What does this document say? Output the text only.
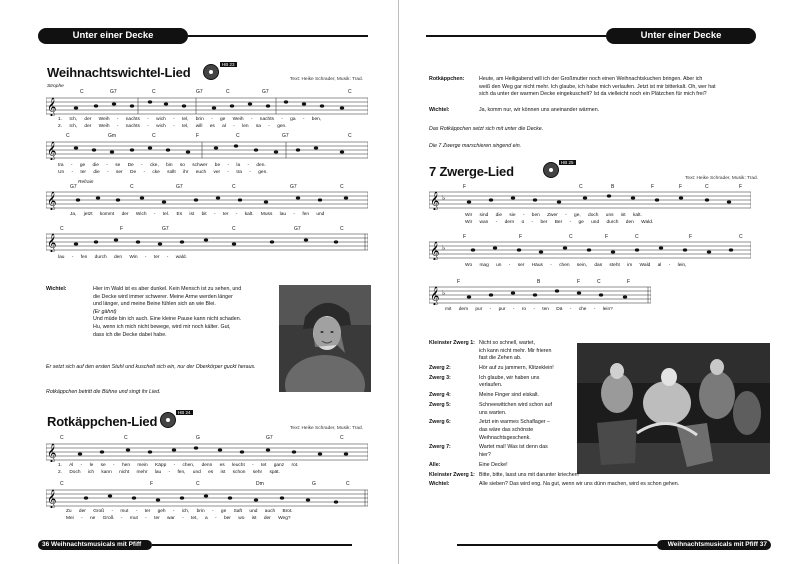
Unter einer Decke
Weihnachtswichtel-Lied
HB 23
Text: Heike Schrader, Musik: Trad.
Strophe
𝄞
C	G7	C	G7	C	G7	C
1. Ich, der Weih - nachts - wich - tel, brin - ge Weih - nachts - ga - ben,
2. Ich, der Weih - nachts - wich - tel, will es al - len sa - gen.
𝄞
C	Gm	C	F	C	G7	C
tra - ge die - se De - cke, bin so schwer be - la - den.
Un - ter die - ser De - cke sollt ihr euch ver - tra - gen.
Refrain
𝄞
G7	C	G7	C	G7	C
Ja, jetzt kommt der Wich - tel. Es ist bit - ter - kalt. Muss lau - fen und
𝄞
C	F	G7	C	G7	C
lau - fen durch den Win - ter - wald.
Wichtel:	Hier im Wald ist es aber dunkel. Kein Mensch ist zu sehen, und
die Decke wird immer schwerer. Meine Arme werden länger
und länger, und meine Beine fühlen sich an wie Blei.
(Er gähnt)
Und müde bin ich auch. Eine kleine Pause kann nicht schaden.
Hu, wenn ich mich nicht bewege, wird mir noch kälter. Gut,
dass ich die Decke dabei habe.
Er setzt sich auf den ersten Stuhl und kuschelt sich ein, nur der Oberkörper guckt heraus.
Rotkäppchen betritt die Bühne und singt ihr Lied.
Rotkäppchen-Lied
HB 24
Text: Heike Schrader, Musik: Trad.
𝄞
C	C	G	G7	C
1. Al - le se - hen mein Käpp - chen, denn es leucht - tet ganz rot.
2. Doch ich kann nicht mehr lau - fen, und es ist schon sehr spät.
𝄞
C	F	C	Dm	G	C
Zu der Groß - mut - ter geh - ich, brin - ge Saft und auch Brot.
Mei - ne Groß - mut - ter war - tet, a - ber wo ist der Weg?
36 Weihnachtsmusicals mit Pfiff
Unter einer Decke
Rotkäppchen:	Heute, am Heiligabend will ich der Großmutter noch einen Weihnachtskuchen bringen. Aber ich
weiß den Weg gar nicht mehr. Ich glaube, ich habe mich verlaufen. Jetzt ist mir bitterkalt. Oh, wer hat
sich da unter der warmen Decke eingekuschelt? Ist da vielleicht noch ein Plätzchen für mich frei?
Wichtel:	Ja, komm nur, wir können uns aneinander wärmen.
Das Rotkäppchen setzt sich mit unter die Decke.
Die 7 Zwerge marschieren singend ein.
7 Zwerge-Lied
HB 25
Text: Heike Schrader, Musik: Trad.
𝄞 ♭
F	C	B	F	F	C	F
Wir sind die sie - ben Zwer - ge, doch uns ist kalt.
Wir wan - dern ü - ber Ber - ge und durch den Wald.
𝄞 ♭
F	F	C	F	C	F	C
Wo mag un - ser Häus - chen sein, das steht im Wald al - lein,
𝄞 ♭
F	B	F	C	F
mit dem pur - pur - ro - ten Dä - che - lein?
Weihnachtsmusicals mit Pfiff 37
Kleinster Zwerg 1: Nicht so schnell, wartet,
ich kann nicht mehr. Mir frieren
fast die Zehen ab.
Zwerg 2:	Hör auf zu jammern, Klitzeklein!
Zwerg 3:	Ich glaube, wir haben uns
verlaufen.
Zwerg 4:	Meine Finger sind eiskalt.
Zwerg 5:	Schneewittchen wird schon auf
uns warten.
Zwerg 6:	Jetzt ein warmes Schaflager –
das wäre das schönste
Weihnachtsgeschenk.
Zwerg 7:	Wartet mal! Was ist denn das
hier?
Alle:	Eine Decke!
Kleinster Zwerg 1: Bitte, bitte, lasst uns mit darunter kriechen!
Wichtel:	Alle sieben? Das wird eng. Na gut, wenn wir uns dünn machen, wird es schon gehen.
